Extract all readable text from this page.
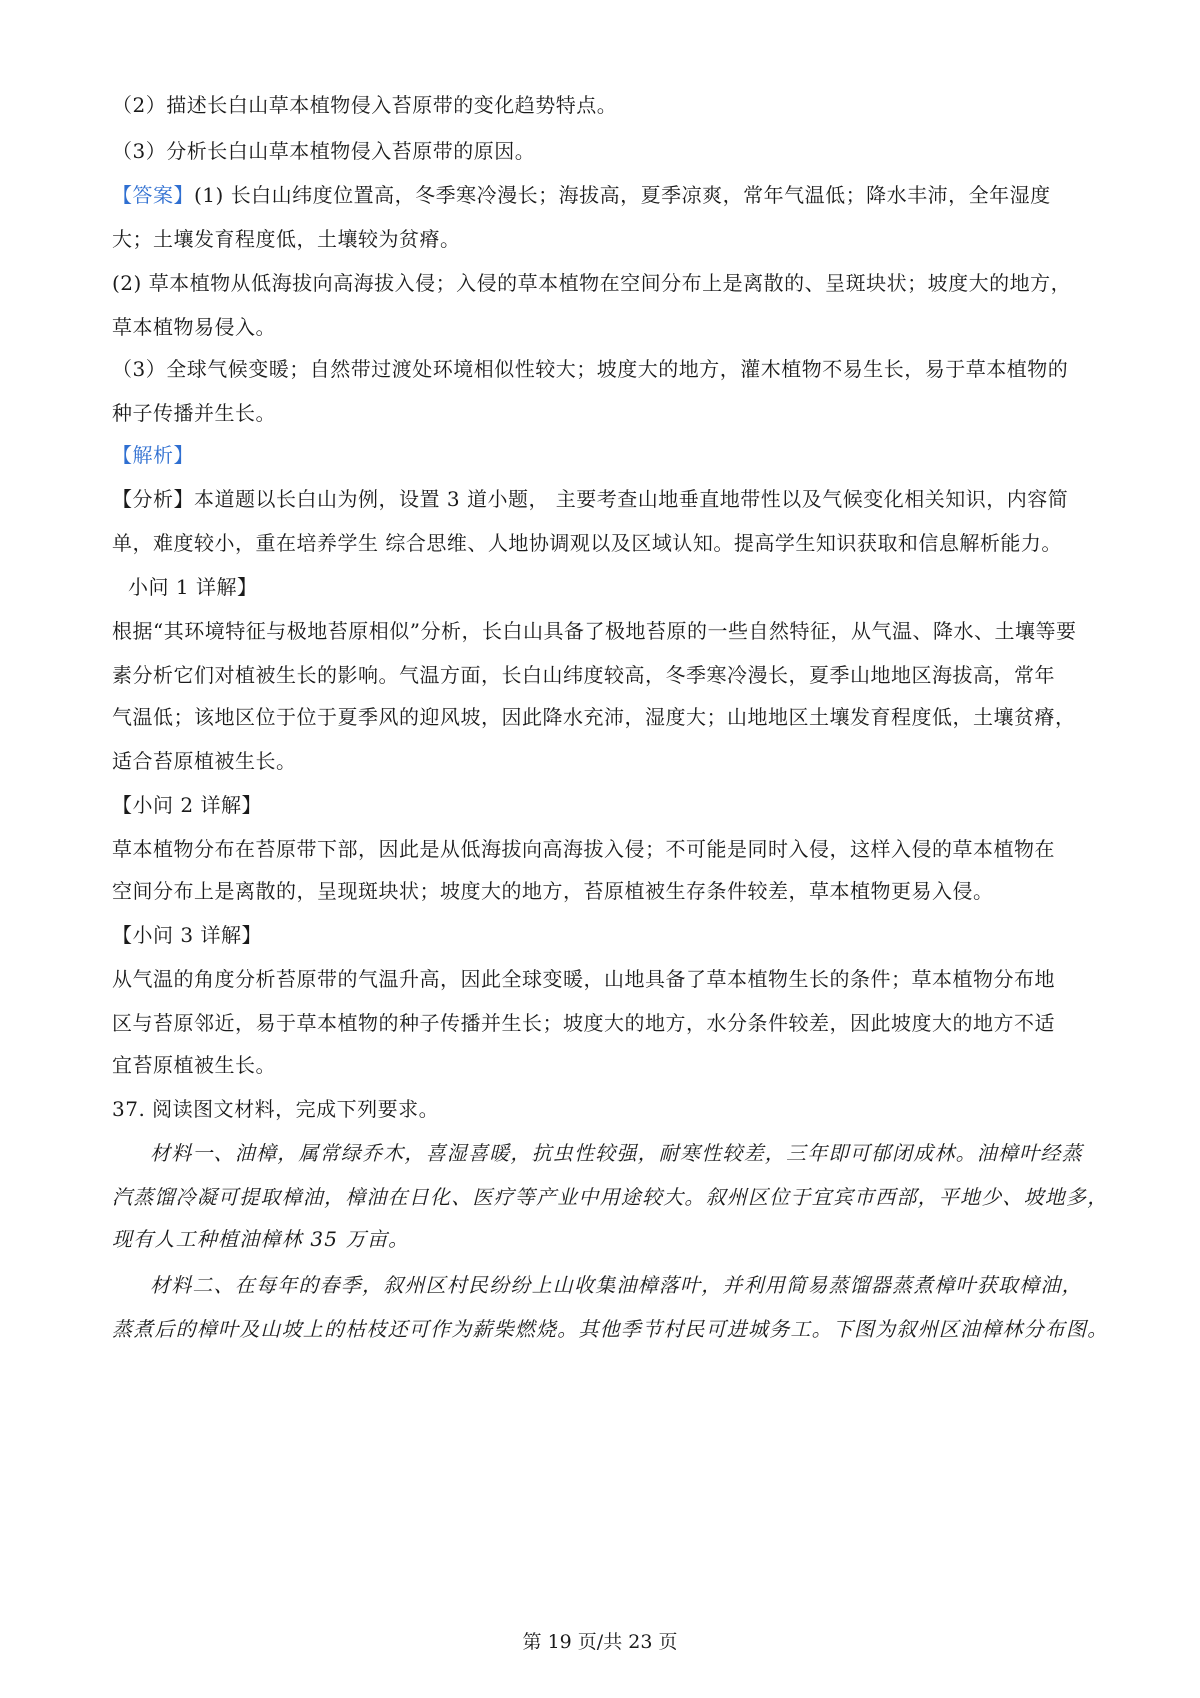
（2）描述长白山草本植物侵入苔原带的变化趋势特点。
（3）分析长白山草本植物侵入苔原带的原因。
【答案】(1) 长白山纬度位置高，冬季寒冷漫长；海拔高，夏季凉爽，常年气温低；降水丰沛，全年湿度
大；土壤发育程度低，土壤较为贫瘠。
(2) 草本植物从低海拔向高海拔入侵；入侵的草本植物在空间分布上是离散的、呈斑块状；坡度大的地方，
草本植物易侵入。
（3）全球气候变暖；自然带过渡处环境相似性较大；坡度大的地方，灌木植物不易生长，易于草本植物的
种子传播并生长。
【解析】
【分析】本道题以长白山为例，设置 3 道小题， 主要考查山地垂直地带性以及气候变化相关知识，内容简
单，难度较小，重在培养学生 综合思维、人地协调观以及区域认知。提高学生知识获取和信息解析能力。
小问 1 详解】
根据“其环境特征与极地苔原相似”分析，长白山具备了极地苔原的一些自然特征，从气温、降水、土壤等要
素分析它们对植被生长的影响。气温方面，长白山纬度较高，冬季寒冷漫长，夏季山地地区海拔高，常年
气温低；该地区位于位于夏季风的迎风坡，因此降水充沛，湿度大；山地地区土壤发育程度低，土壤贫瘠，
适合苔原植被生长。
【小问 2 详解】
草本植物分布在苔原带下部，因此是从低海拔向高海拔入侵；不可能是同时入侵，这样入侵的草本植物在
空间分布上是离散的，呈现斑块状；坡度大的地方，苔原植被生存条件较差，草本植物更易入侵。
【小问 3 详解】
从气温的角度分析苔原带的气温升高，因此全球变暖，山地具备了草本植物生长的条件；草本植物分布地
区与苔原邻近，易于草本植物的种子传播并生长；坡度大的地方，水分条件较差，因此坡度大的地方不适
宜苔原植被生长。
37. 阅读图文材料，完成下列要求。
材料一、油樟，属常绿乔木，喜湿喜暖，抗虫性较强，耐寒性较差，三年即可郁闭成林。油樟叶经蒸
汽蒸馏冷凝可提取樟油，樟油在日化、医疗等产业中用途较大。叙州区位于宜宾市西部，平地少、坡地多，
现有人工种植油樟林 35 万亩。
材料二、在每年的春季，叙州区村民纷纷上山收集油樟落叶，并利用简易蒸馏器蒸煮樟叶获取樟油，
蒸煮后的樟叶及山坡上的枯枝还可作为薪柴燃烧。其他季节村民可进城务工。下图为叙州区油樟林分布图。
第 19 页/共 23 页
